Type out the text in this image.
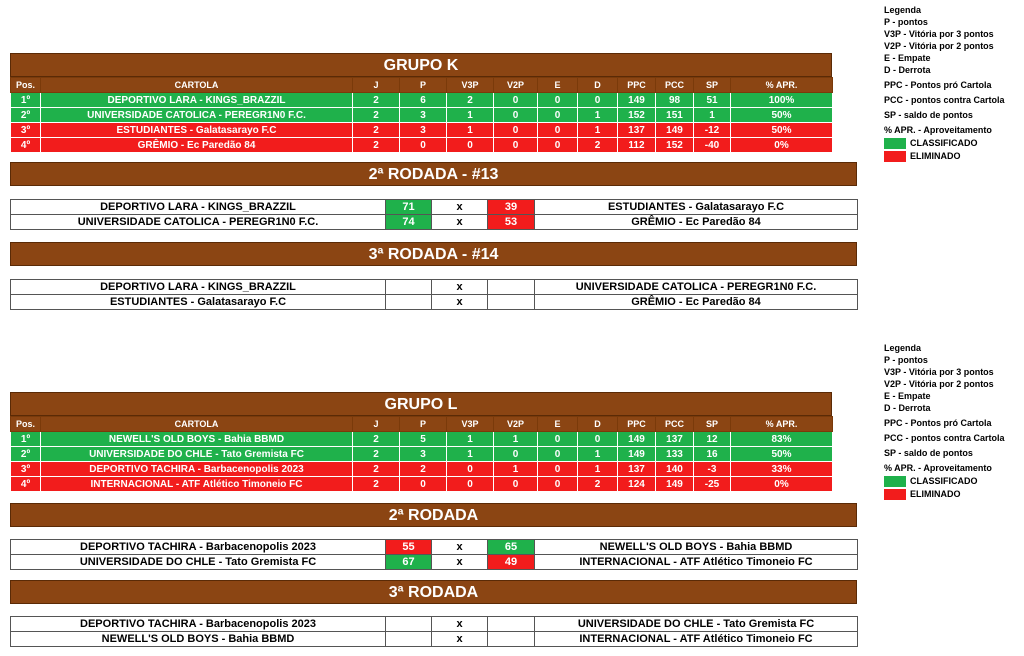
Legenda
P - pontos
V3P - Vitória por 3 pontos
V2P - Vitória por 2 pontos
E - Empate
D - Derrota
PPC - Pontos pró Cartola
PCC - pontos contra Cartola
SP - saldo de pontos
% APR. - Aproveitamento
CLASSIFICADO
ELIMINADO
Legenda
P - pontos
V3P - Vitória por 3 pontos
V2P - Vitória por 2 pontos
E - Empate
D - Derrota
PPC - Pontos pró Cartola
PCC - pontos contra Cartola
SP - saldo de pontos
% APR. - Aproveitamento
CLASSIFICADO
ELIMINADO
GRUPO K
Pos.	CARTOLA	J	P	V3P	V2P	E	D	PPC	PCC	SP	% APR.
1º	DEPORTIVO LARA - KINGS_BRAZZIL	2	6	2	0	0	0	149	98	51	100%
2º	UNIVERSIDADE CATOLICA - PEREGR1N0 F.C.	2	3	1	0	0	1	152	151	1	50%
3º	ESTUDIANTES - Galatasarayo F.C	2	3	1	0	0	1	137	149	-12	50%
4º	GRÊMIO - Ec Paredão 84	2	0	0	0	0	2	112	152	-40	0%
2ª RODADA - #13
DEPORTIVO LARA - KINGS_BRAZZIL	71	x	39	ESTUDIANTES - Galatasarayo F.C
UNIVERSIDADE CATOLICA - PEREGR1N0 F.C.	74	x	53	GRÊMIO - Ec Paredão 84
3ª RODADA - #14
DEPORTIVO LARA - KINGS_BRAZZIL		x		UNIVERSIDADE CATOLICA - PEREGR1N0 F.C.
ESTUDIANTES - Galatasarayo F.C		x		GRÊMIO - Ec Paredão 84
GRUPO L
Pos.	CARTOLA	J	P	V3P	V2P	E	D	PPC	PCC	SP	% APR.
1º	NEWELL'S OLD BOYS - Bahia BBMD	2	5	1	1	0	0	149	137	12	83%
2º	UNIVERSIDADE DO CHLE - Tato Gremista FC	2	3	1	0	0	1	149	133	16	50%
3º	DEPORTIVO TACHIRA - Barbacenopolis 2023	2	2	0	1	0	1	137	140	-3	33%
4º	INTERNACIONAL - ATF Atlético Timoneio FC	2	0	0	0	0	2	124	149	-25	0%
2ª RODADA
DEPORTIVO TACHIRA - Barbacenopolis 2023	55	x	65	NEWELL'S OLD BOYS - Bahia BBMD
UNIVERSIDADE DO CHLE - Tato Gremista FC	67	x	49	INTERNACIONAL - ATF Atlético Timoneio FC
3ª RODADA
DEPORTIVO TACHIRA - Barbacenopolis 2023		x		UNIVERSIDADE DO CHLE - Tato Gremista FC
NEWELL'S OLD BOYS - Bahia BBMD		x		INTERNACIONAL - ATF Atlético Timoneio FC
